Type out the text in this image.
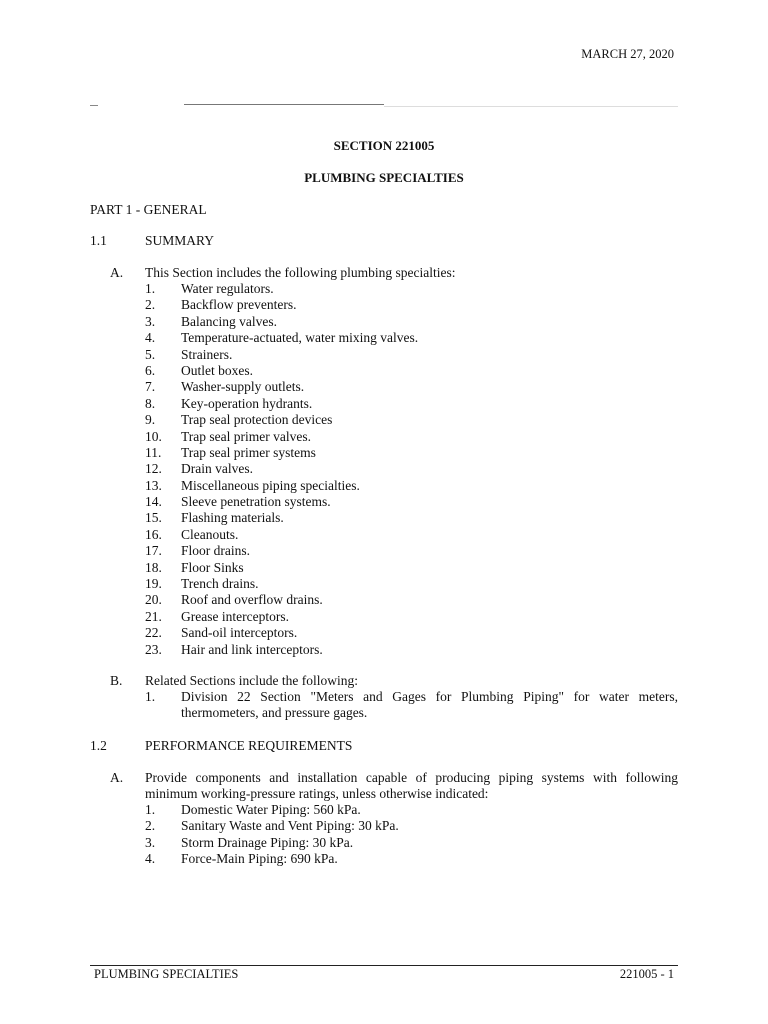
MARCH 27, 2020
SECTION 221005
PLUMBING SPECIALTIES
PART 1 - GENERAL
1.1	SUMMARY
A. This Section includes the following plumbing specialties:
1. Water regulators.
2. Backflow preventers.
3. Balancing valves.
4. Temperature-actuated, water mixing valves.
5. Strainers.
6. Outlet boxes.
7. Washer-supply outlets.
8. Key-operation hydrants.
9. Trap seal protection devices
10. Trap seal primer valves.
11. Trap seal primer systems
12. Drain valves.
13. Miscellaneous piping specialties.
14. Sleeve penetration systems.
15. Flashing materials.
16. Cleanouts.
17. Floor drains.
18. Floor Sinks
19. Trench drains.
20. Roof and overflow drains.
21. Grease interceptors.
22. Sand-oil interceptors.
23. Hair and link interceptors.
B. Related Sections include the following:
1. Division 22 Section "Meters and Gages for Plumbing Piping" for water meters, thermometers, and pressure gages.
1.2	PERFORMANCE REQUIREMENTS
A. Provide components and installation capable of producing piping systems with following minimum working-pressure ratings, unless otherwise indicated:
1. Domestic Water Piping: 560 kPa.
2. Sanitary Waste and Vent Piping: 30 kPa.
3. Storm Drainage Piping: 30 kPa.
4. Force-Main Piping: 690 kPa.
PLUMBING SPECIALTIES	221005 - 1
